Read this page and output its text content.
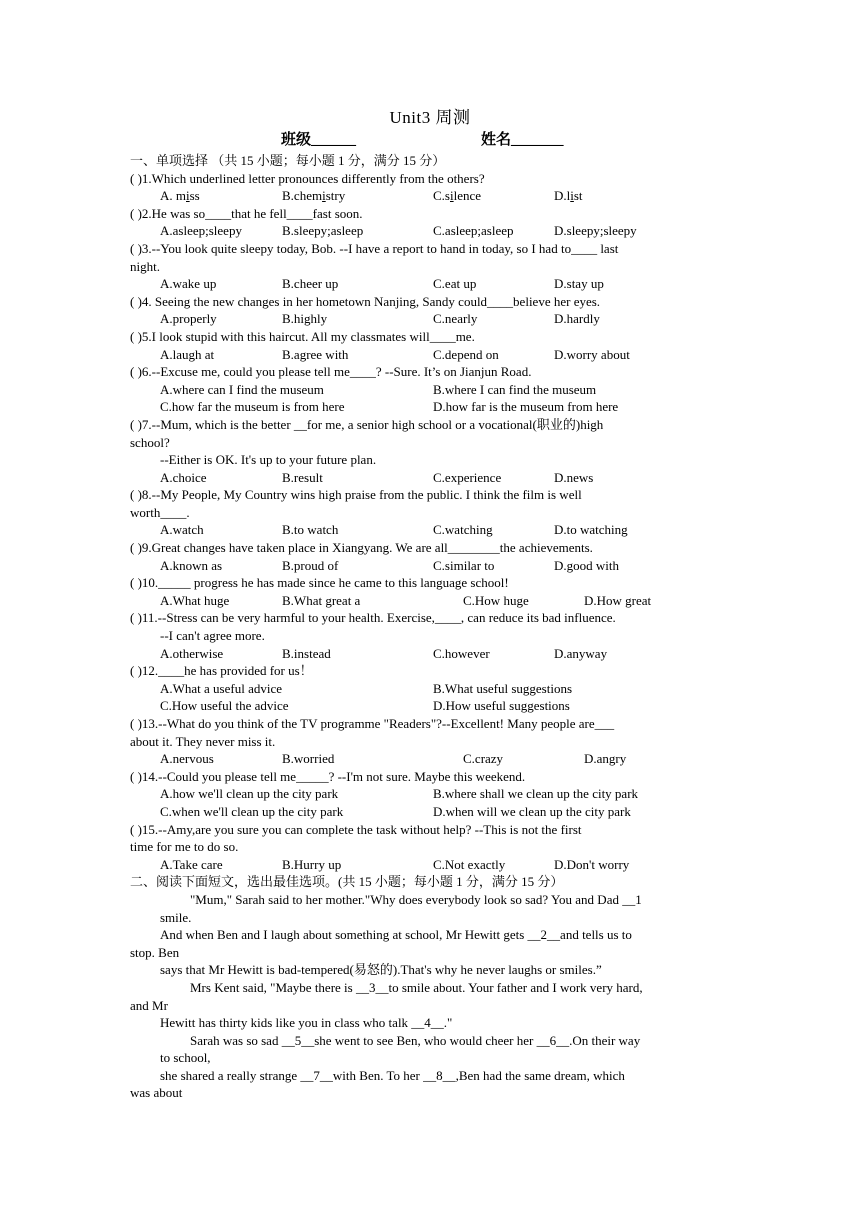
Unit3 周测
班级______	姓名_______
一、单项选择 （共 15 小题；每小题 1 分，满分 15 分）
( )1.Which underlined letter pronounces differently from the others?
A. miss	B.chemistry	C.silence	D.list
( )2.He was so____that he fell____fast soon.
A.asleep;sleepy	B.sleepy;asleep	C.asleep;asleep	D.sleepy;sleepy
( )3.--You look quite sleepy today, Bob. --I have a report to hand in today, so I had to____ last
night.
A.wake up	B.cheer up	C.eat up	D.stay up
( )4. Seeing the new changes in her hometown Nanjing, Sandy could____believe her eyes.
A.properly	B.highly	C.nearly	D.hardly
( )5.I look stupid with this haircut. All my classmates will____me.
A.laugh at	B.agree with	C.depend on	D.worry about
( )6.--Excuse me, could you please tell me____? --Sure. It’s on Jianjun Road.
A.where can I find the museum	B.where I can find the museum
C.how far the museum is from here	D.how far is the museum from here
( )7.--Mum, which is the better __for me, a senior high school or a vocational(职业的)high
school?
--Either is OK. It's up to your future plan.
A.choice	B.result	C.experience	D.news
( )8.--My People, My Country wins high praise from the public. I think the film is well
worth____.
A.watch	B.to watch	C.watching	D.to watching
( )9.Great changes have taken place in Xiangyang. We are all________the achievements.
A.known as	B.proud of	C.similar to	D.good with
( )10._____ progress he has made since he came to this language school!
A.What huge	B.What great a	C.How huge	D.How great
( )11.--Stress can be very harmful to your health. Exercise,____, can reduce its bad influence.
--I can't agree more.
A.otherwise	B.instead	C.however	D.anyway
( )12.____he has provided for us！
A.What a useful advice	B.What useful suggestions
C.How useful the advice	D.How useful suggestions
( )13.--What do you think of the TV programme "Readers"?--Excellent! Many people are___
about it. They never miss it.
A.nervous	B.worried	C.crazy	D.angry
( )14.--Could you please tell me_____? --I'm not sure. Maybe this weekend.
A.how we'll clean up the city park	B.where shall we clean up the city park
C.when we'll clean up the city park	D.when will we clean up the city park
( )15.--Amy,are you sure you can complete the task without help? --This is not the first
time for me to do so.
A.Take care	B.Hurry up	C.Not exactly	D.Don't worry
二、阅读下面短文，选出最佳选项。(共 15 小题；每小题 1 分，满分 15 分）
"Mum," Sarah said to her mother."Why does everybody look so sad? You and Dad __1
smile.
And when Ben and I laugh about something at school, Mr Hewitt gets __2__and tells us to
stop. Ben
says that Mr Hewitt is bad-tempered(易怒的).That's why he never laughs or smiles.”
Mrs Kent said, "Maybe there is __3__to smile about. Your father and I work very hard,
and Mr
Hewitt has thirty kids like you in class who talk __4__."
Sarah was so sad __5__she went to see Ben, who would cheer her __6__.On their way
to school,
she shared a really strange __7__with Ben. To her __8__,Ben had the same dream, which
was about
